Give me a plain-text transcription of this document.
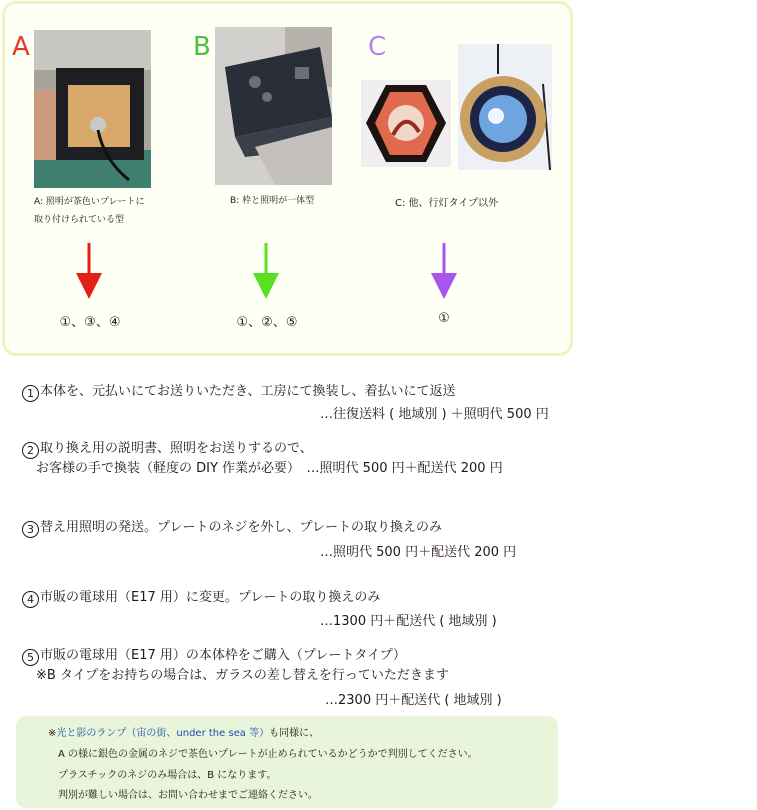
A
A: 照明が茶色いプレートに
取り付けられている型
①、③、④
B
B: 枠と照明が一体型
①、②、⑤
C
C: 他、行灯タイプ以外
①
1 本体を、元払いにてお送りいただき、工房にて換装し、着払いにて返送
…往復送料 ( 地域別 ) ＋照明代 500 円
2 取り換え用の説明書、照明をお送りするので、
お客様の手で換装（軽度の DIY 作業が必要）　…照明代 500 円＋配送代 200 円
3 替え用照明の発送。プレートのネジを外し、プレートの取り換えのみ
…照明代 500 円＋配送代 200 円
4 市販の電球用（E17 用）に変更。プレートの取り換えのみ
…1300 円＋配送代 ( 地域別 )
5 市販の電球用（E17 用）の本体枠をご購入（プレートタイプ）
※B タイプをお持ちの場合は、ガラスの差し替えを行っていただきます
…2300 円＋配送代 ( 地域別 )
※光と影のランプ（宙の街、under the sea 等）も同様に、
A の様に銀色の金属のネジで茶色いプレートが止められているかどうかで判別してください。
プラスチックのネジのみ場合は、B になります。
判別が難しい場合は、お問い合わせまでご連絡ください。
